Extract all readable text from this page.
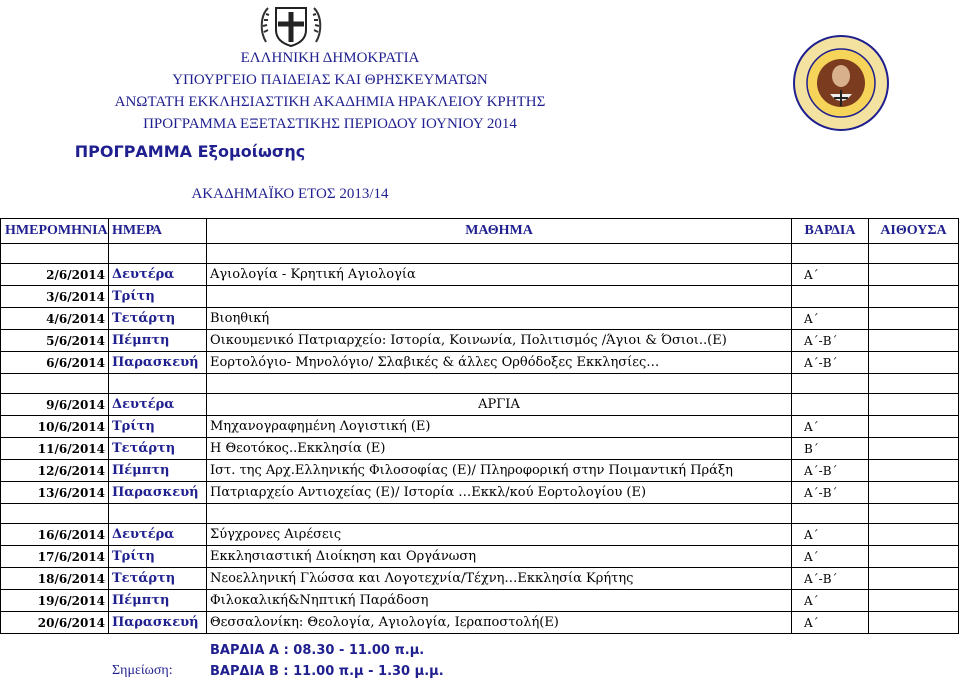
ΕΛΛΗΝΙΚΗ ΔΗΜΟΚΡΑΤΙΑ
ΥΠΟΥΡΓΕΙΟ ΠΑΙΔΕΙΑΣ ΚΑΙ ΘΡΗΣΚΕΥΜΑΤΩΝ
ΑΝΩΤΑΤΗ ΕΚΚΛΗΣΙΑΣΤΙΚΗ ΑΚΑΔΗΜΙΑ ΗΡΑΚΛΕΙΟΥ ΚΡΗΤΗΣ
ΠΡΟΓΡΑΜΜΑ ΕΞΕΤΑΣΤΙΚΗΣ ΠΕΡΙΟΔΟΥ ΙΟΥΝΙΟΥ 2014
ΠΡΟΓΡΑΜΜΑ Εξομοίωσης
ΑΚΑΔΗΜΑΪΚΟ ΕΤΟΣ 2013/14
ΗΜΕΡΟΜΗΝΙΑ	ΗΜΕΡΑ	ΜΑΘΗΜΑ	ΒΑΡΔΙΑ	ΑΙΘΟΥΣΑ

2/6/2014	Δευτέρα	Αγιολογία - Κρητική Αγιολογία	Α΄	
3/6/2014	Τρίτη			
4/6/2014	Τετάρτη	Βιοηθική	Α΄	
5/6/2014	Πέμπτη	Οικουμενικό Πατριαρχείο: Ιστορία, Κοινωνία, Πολιτισμός /Άγιοι & Όσιοι..(Ε)	Α΄-Β΄	
6/6/2014	Παρασκευή	Εορτολόγιο- Μηνολόγιο/ Σλαβικές & άλλες Ορθόδοξες Εκκλησίες…	Α΄-Β΄	

9/6/2014	Δευτέρα	ΑΡΓΙΑ		
10/6/2014	Τρίτη	Μηχανογραφημένη Λογιστική (Ε)	Α΄	
11/6/2014	Τετάρτη	Η Θεοτόκος..Εκκλησία (Ε)	Β΄	
12/6/2014	Πέμπτη	Ιστ. της Αρχ.Ελληνικής Φιλοσοφίας (Ε)/ Πληροφορική στην Ποιμαντική Πράξη	Α΄-Β΄	
13/6/2014	Παρασκευή	Πατριαρχείο Αντιοχείας (Ε)/ Ιστορία …Εκκλ/κού Εορτολογίου (Ε)	Α΄-Β΄	

16/6/2014	Δευτέρα	Σύγχρονες Αιρέσεις	Α΄	
17/6/2014	Τρίτη	Εκκλησιαστική Διοίκηση και Οργάνωση	Α΄	
18/6/2014	Τετάρτη	Νεοελληνική Γλώσσα και Λογοτεχνία/Τέχνη…Εκκλησία Κρήτης	Α΄-Β΄	
19/6/2014	Πέμπτη	Φιλοκαλική&Νηπτική Παράδοση	Α΄	
20/6/2014	Παρασκευή	Θεσσαλονίκη: Θεολογία, Αγιολογία, Ιεραποστολή(Ε)	Α΄	
Σημείωση:
ΒΑΡΔΙΑ Α : 08.30 - 11.00 π.μ.
ΒΑΡΔΙΑ Β : 11.00 π.μ - 1.30 μ.μ.
